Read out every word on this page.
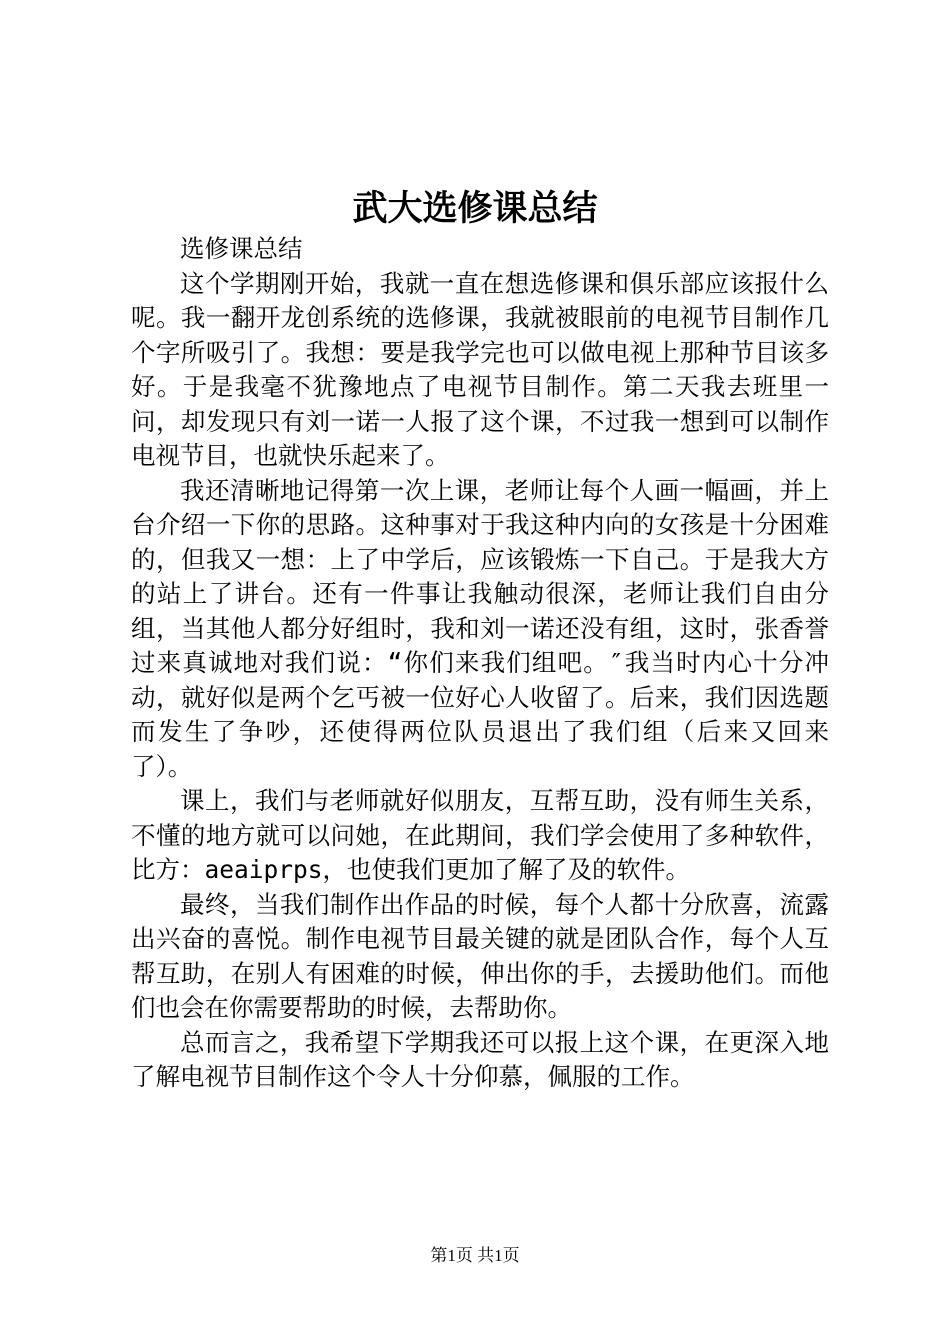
武大选修课总结

选修课总结

这个学期刚开始，我就一直在想选修课和俱乐部应该报什么呢。我一翻开龙创系统的选修课，我就被眼前的电视节目制作几个字所吸引了。我想：要是我学完也可以做电视上那种节目该多好。于是我毫不犹豫地点了电视节目制作。第二天我去班里一问，却发现只有刘一诺一人报了这个课，不过我一想到可以制作电视节目，也就快乐起来了。

我还清晰地记得第一次上课，老师让每个人画一幅画，并上台介绍一下你的思路。这种事对于我这种内向的女孩是十分困难的，但我又一想：上了中学后，应该锻炼一下自己。于是我大方的站上了讲台。还有一件事让我触动很深，老师让我们自由分组，当其他人都分好组时，我和刘一诺还没有组，这时，张香誉过来真诚地对我们说：“你们来我们组吧。″我当时内心十分冲动，就好似是两个乞丐被一位好心人收留了。后来，我们因选题而发生了争吵，还使得两位队员退出了我们组（后来又回来了）。

课上，我们与老师就好似朋友，互帮互助，没有师生关系，不懂的地方就可以问她，在此期间，我们学会使用了多种软件，比方：aeaiprps，也使我们更加了解了及的软件。

最终，当我们制作出作品的时候，每个人都十分欣喜，流露出兴奋的喜悦。制作电视节目最关键的就是团队合作，每个人互帮互助，在别人有困难的时候，伸出你的手，去援助他们。而他们也会在你需要帮助的时候，去帮助你。

总而言之，我希望下学期我还可以报上这个课，在更深入地了解电视节目制作这个令人十分仰慕，佩服的工作。

第1页 共1页
